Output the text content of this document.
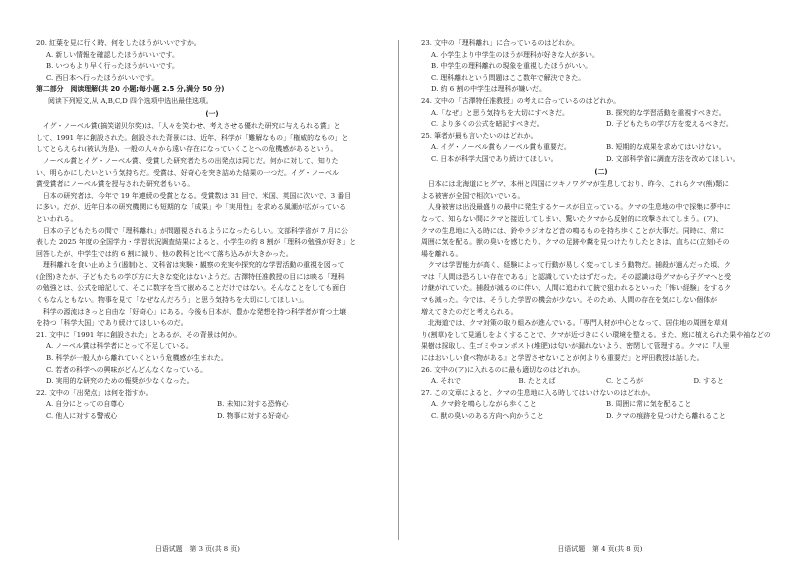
20. 紅葉を見に行く時、何をしたほうがいいですか。
A. 新しい情報を確認したほうがいいです。
B. いつもより早く行ったほうがいいです。
C. 西日本へ行ったほうがいいです。
第二部分　阅读理解(共 20 小题;每小题 2.5 分,满分 50 分)
阅读下列短文,从 A,B,C,D 四个选项中选出最佳选项。
(一)
　イグ・ノーベル賞(搞笑诺贝尔奖)は、「人々を笑わせ、考えさせる優れた研究に与えられる賞」と
して、1991 年に創設された。創設された背景には、近年、科学が「難解なもの」「権威的なもの」と
してとらえられ(被认为是)、一般の人々から遠い存在になっていくことへの危機感があるという。
　ノーベル賞とイグ・ノーベル賞、受賞した研究者たちの出発点は同じだ。何かに対して、知りた
い、明らかにしたいという気持ちだ。受賞は、好奇心を突き詰めた結果の一つだ。イグ・ノーベル
賞受賞者にノーベル賞を授与された研究者もいる。
　日本の研究者は、今年で 19 年連続の受賞となる。受賞数は 31 回で、米国、英国に次いで、3 番目
に多い。だが、近年日本の研究機関にも短期的な「成果」や「実用性」を求める風潮が広がっている
といわれる。
　日本の子どもたちの間で「理科離れ」が問題視されるようになったらしい。文部科学省が 7 月に公
表した 2025 年度の全国学力・学習状況調査結果によると、小学生の約 8 割が「理科の勉強が好き」と
回答したが、中学生では約 6 割に減り、他の教科と比べて落ち込みが大きかった。
　理科離れを食い止めよう(遏制)と、文科省は実験・観察の充実や探究的な学習活動の重視を図って
(企图)きたが、子どもたちの学び方に大きな変化はないようだ。古澤特任准教授の目には映る「理科
の勉強とは、公式を暗記して、そこに数字を当て嵌めることだけではない。そんなことをしても面白
くもなんともない。物事を見て「なぜなんだろう」と思う気持ちを大切にしてほしい」。
　科学の源流はきっと自由な「好奇心」にある。今後も日本が、豊かな発想を持つ科学者が育つ土壌
を持つ「科学大国」であり続けてほしいものだ。
21. 文中に「1991 年に創設された」とあるが、その背景は何か。
A. ノーベル賞は科学者にとって不足している。
B. 科学が一般人から離れていくという危機感が生まれた。
C. 若者の科学への興味がどんどんなくなっている。
D. 実用的な研究のための報奨が少なくなった。
22. 文中の「出発点」は何を指すか。
A. 自分にとっての自尊心	B. 未知に対する恐怖心
C. 他人に対する警戒心	D. 物事に対する好奇心
日语试题　第 3 页(共 8 页)
23. 文中の「理科離れ」に合っているのはどれか。
A. 小学生より中学生のほうが理科が好きな人が多い。
B. 中学生の理科離れの現象を重視したほうがいい。
C. 理科離れという問題はここ数年で解決できた。
D. 約 6 割の中学生は理科が嫌いだ。
24. 文中の「古澤特任准教授」の考えに合っているのはどれか。
A.「なぜ」と思う気持ちを大切にすべきだ。	B. 探究的な学習活動を重視すべきだ。
C. より多くの公式を暗記すべきだ。	D. 子どもたちの学び方を変えるべきだ。
25. 筆者が最も言いたいのはどれか。
A. イグ・ノーベル賞もノーベル賞も重要だ。	B. 短期的な成果を求めてはいけない。
C. 日本が科学大国であり続けてほしい。	D. 文部科学省に調査方法を改めてほしい。
(二)
　日本には北海道にヒグマ、本州と四国にツキノワグマが生息しており、昨今、これらクマ(熊)類に
よる被害が全国で相次いでいる。
　人身被害は出没最盛りの最中に発生するケースが目立っている。クマの生息地の中で採集に夢中に
なって、知らない間にクマと接近してしまい、驚いたクマから反射的に攻撃されてしまう。(ア)、
クマの生息地に入る時には、鈴やラジオなど音の鳴るものを持ち歩くことが大事だ。同時に、常に
周囲に気を配る。獣の臭いを感じたり、クマの足跡や糞を見つけたりしたときは、直ちに(立刻)その
場を離れる。
　クマは学習能力が高く、経験によって行動が易しく変ってしまう動物だ。捕殺が過んだった頃、ク
マは「人間は恐ろしい存在である」と認識していたはずだった。その認識は母グマから子グマへと受
け継がれていた。捕殺が減るのに伴い、人間に追われて銃で狙われるといった「怖い経験」をするク
マも減った。今では、そうした学習の機会が少ない。そのため、人間の存在を気にしない個体が
増えてきたのだと考えられる。
　北海道では、クマ対策の取り組みが進んでいる。「専門人材が中心となって、居住地の周囲を草刈
り(割草)をして見通しをよくすることで、クマが近づきにくい環境を整える。また、庭に植えられた果や袖などの
果樹は採取し、生ゴミやコンポスト(堆肥)は匂いが漏れないよう、密閉して管理する。クマに『人里
にはおいしい食べ物がある』と学習させないことが何よりも重要だ」と坪田教授は話した。
26. 文中の(ア)に入れるのに最も適切なのはどれか。
A. それで	B. たとえば	C. ところが	D. すると
27. この文章によると、クマの生息地に入る時してはいけないのはどれか。
A. クマ鈴を鳴らしながら歩くこと	B. 周囲に常に気を配ること
C. 獣の臭いのある方向へ向かうこと	D. クマの痕跡を見つけたら離れること
日语试题　第 4 页(共 8 页)
